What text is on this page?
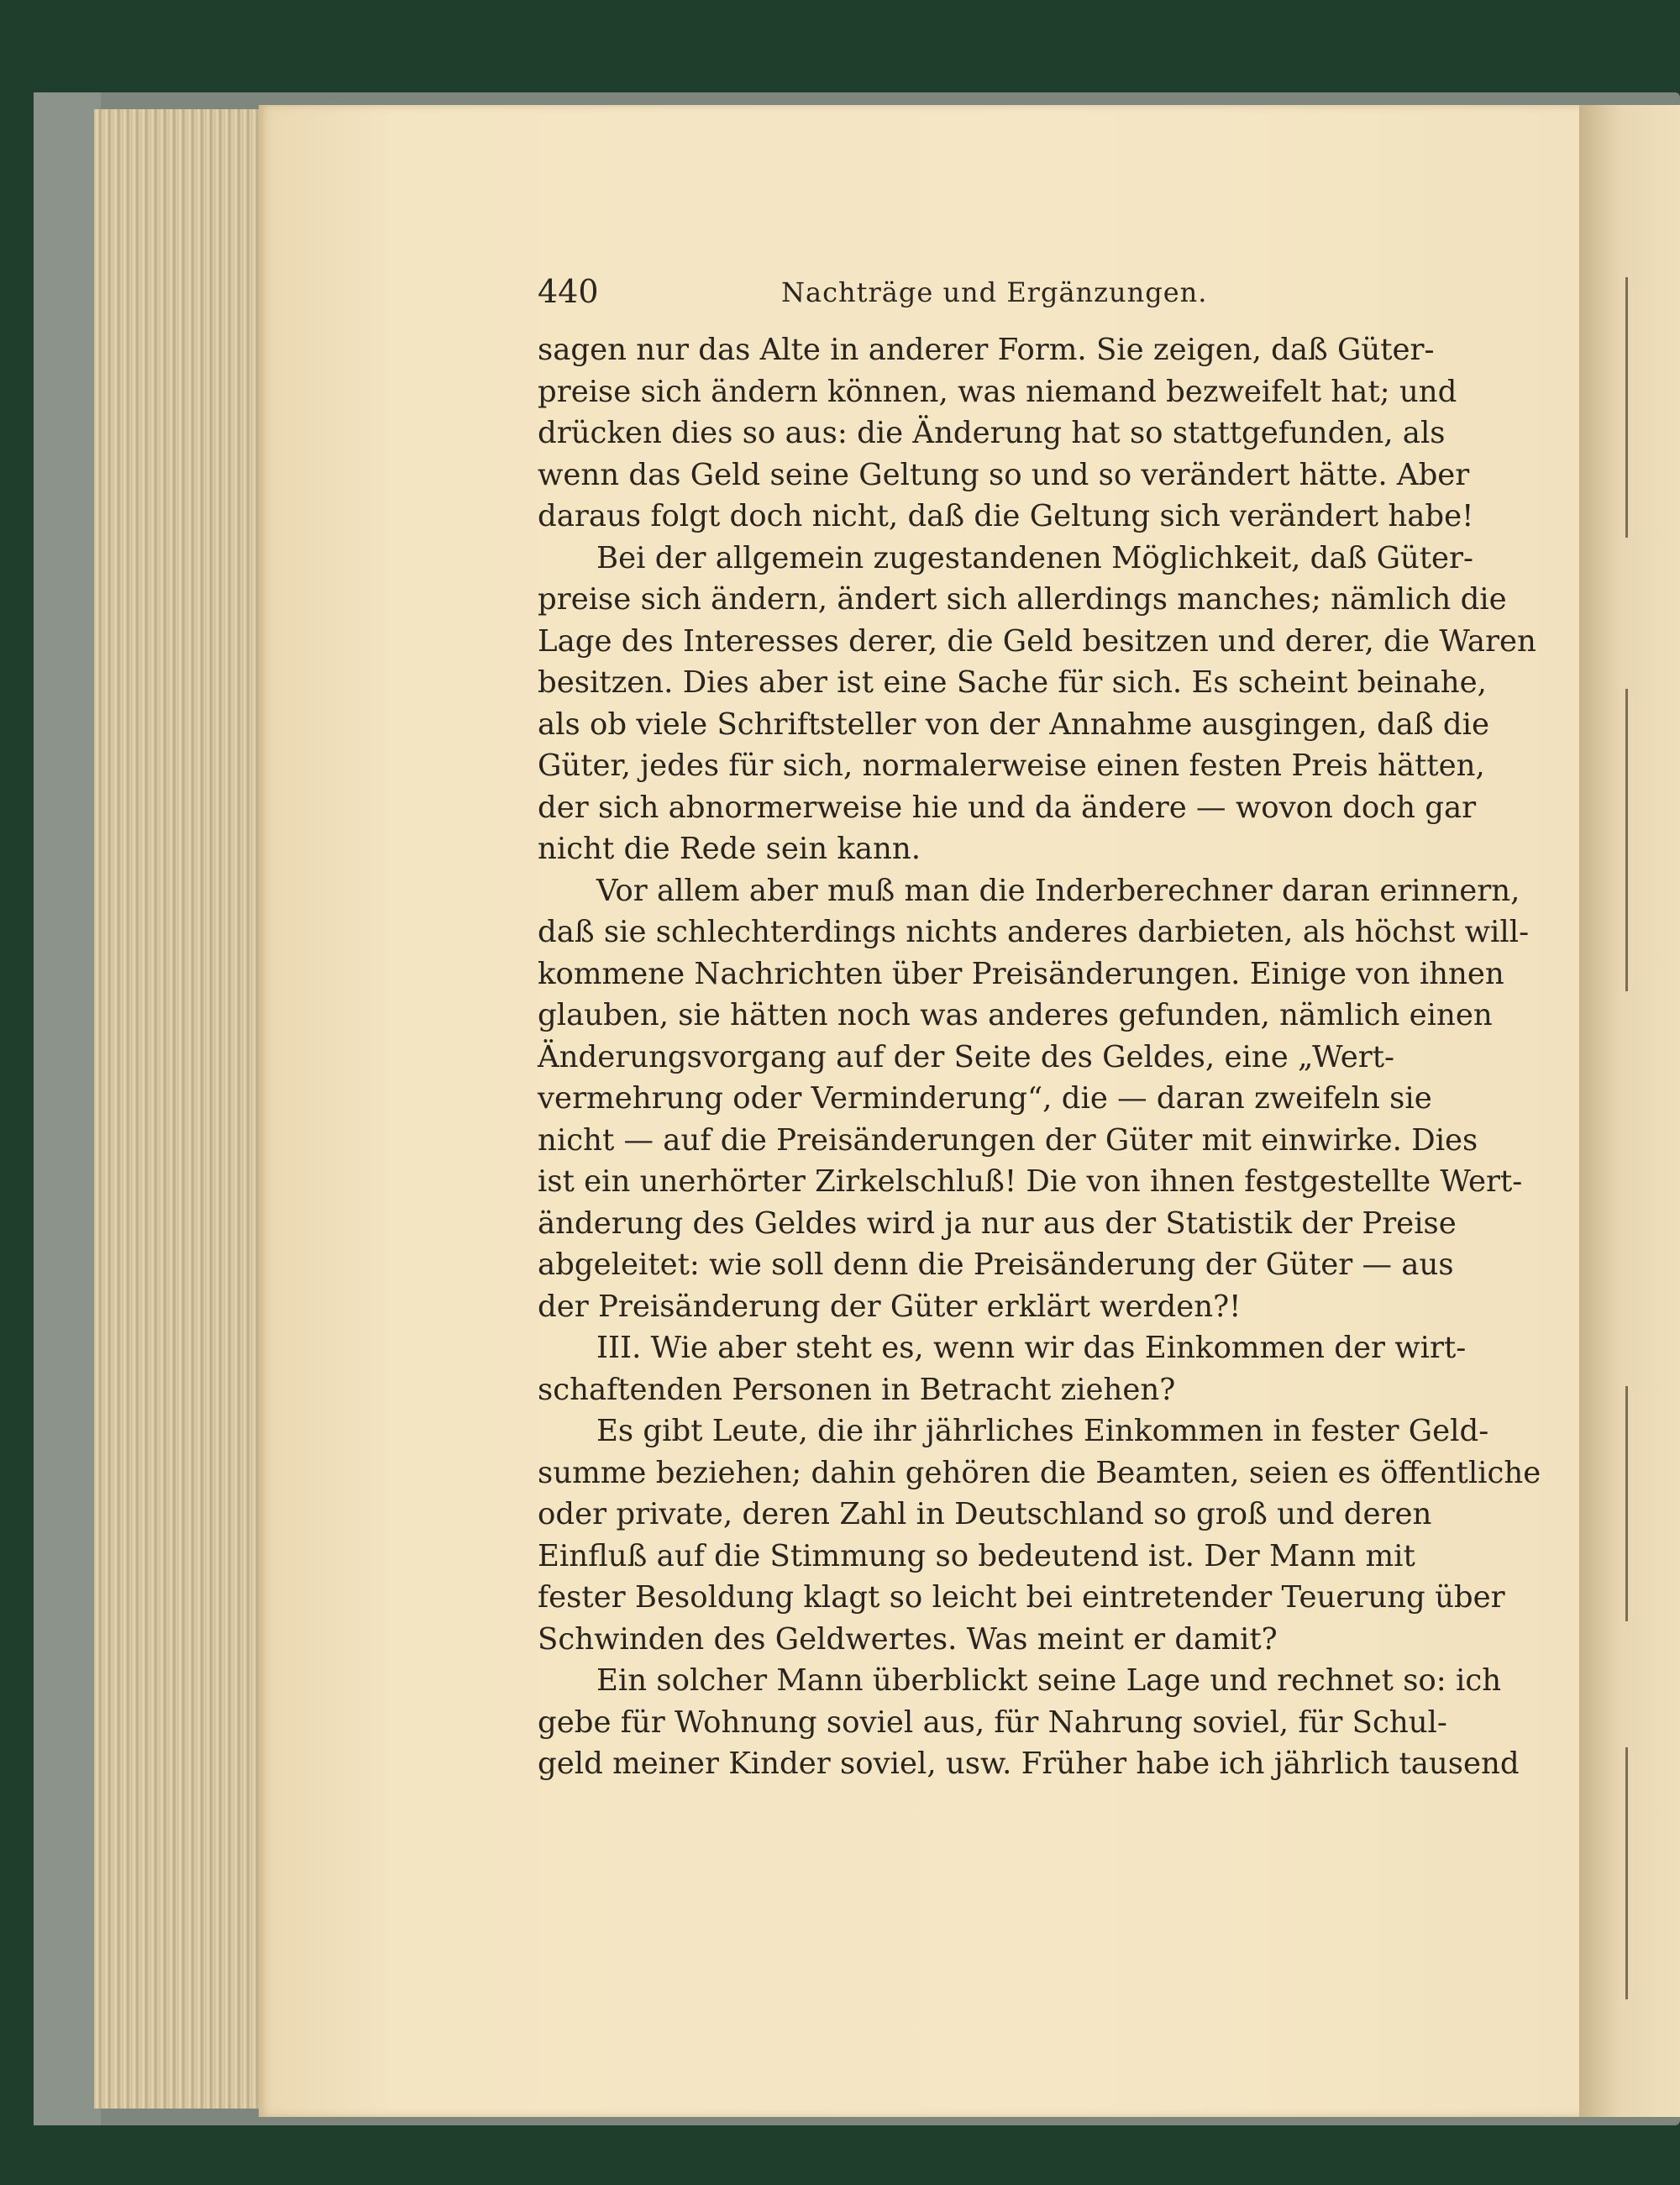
440	Nachträge und Ergänzungen.
sagen nur das Alte in anderer Form. Sie zeigen, daß Güter-
preise sich ändern können, was niemand bezweifelt hat; und
drücken dies so aus: die Änderung hat so stattgefunden, als
wenn das Geld seine Geltung so und so verändert hätte. Aber
daraus folgt doch nicht, daß die Geltung sich verändert habe!
Bei der allgemein zugestandenen Möglichkeit, daß Güter-
preise sich ändern, ändert sich allerdings manches; nämlich die
Lage des Interesses derer, die Geld besitzen und derer, die Waren
besitzen. Dies aber ist eine Sache für sich. Es scheint beinahe,
als ob viele Schriftsteller von der Annahme ausgingen, daß die
Güter, jedes für sich, normalerweise einen festen Preis hätten,
der sich abnormerweise hie und da ändere — wovon doch gar
nicht die Rede sein kann.
Vor allem aber muß man die Inderberechner daran erinnern,
daß sie schlechterdings nichts anderes darbieten, als höchst will-
kommene Nachrichten über Preisänderungen. Einige von ihnen
glauben, sie hätten noch was anderes gefunden, nämlich einen
Änderungsvorgang auf der Seite des Geldes, eine „Wert-
vermehrung oder Verminderung“, die — daran zweifeln sie
nicht — auf die Preisänderungen der Güter mit einwirke. Dies
ist ein unerhörter Zirkelschluß! Die von ihnen festgestellte Wert-
änderung des Geldes wird ja nur aus der Statistik der Preise
abgeleitet: wie soll denn die Preisänderung der Güter — aus
der Preisänderung der Güter erklärt werden?!
III. Wie aber steht es, wenn wir das Einkommen der wirt-
schaftenden Personen in Betracht ziehen?
Es gibt Leute, die ihr jährliches Einkommen in fester Geld-
summe beziehen; dahin gehören die Beamten, seien es öffentliche
oder private, deren Zahl in Deutschland so groß und deren
Einfluß auf die Stimmung so bedeutend ist. Der Mann mit
fester Besoldung klagt so leicht bei eintretender Teuerung über
Schwinden des Geldwertes. Was meint er damit?
Ein solcher Mann überblickt seine Lage und rechnet so: ich
gebe für Wohnung soviel aus, für Nahrung soviel, für Schul-
geld meiner Kinder soviel, usw. Früher habe ich jährlich tausend
